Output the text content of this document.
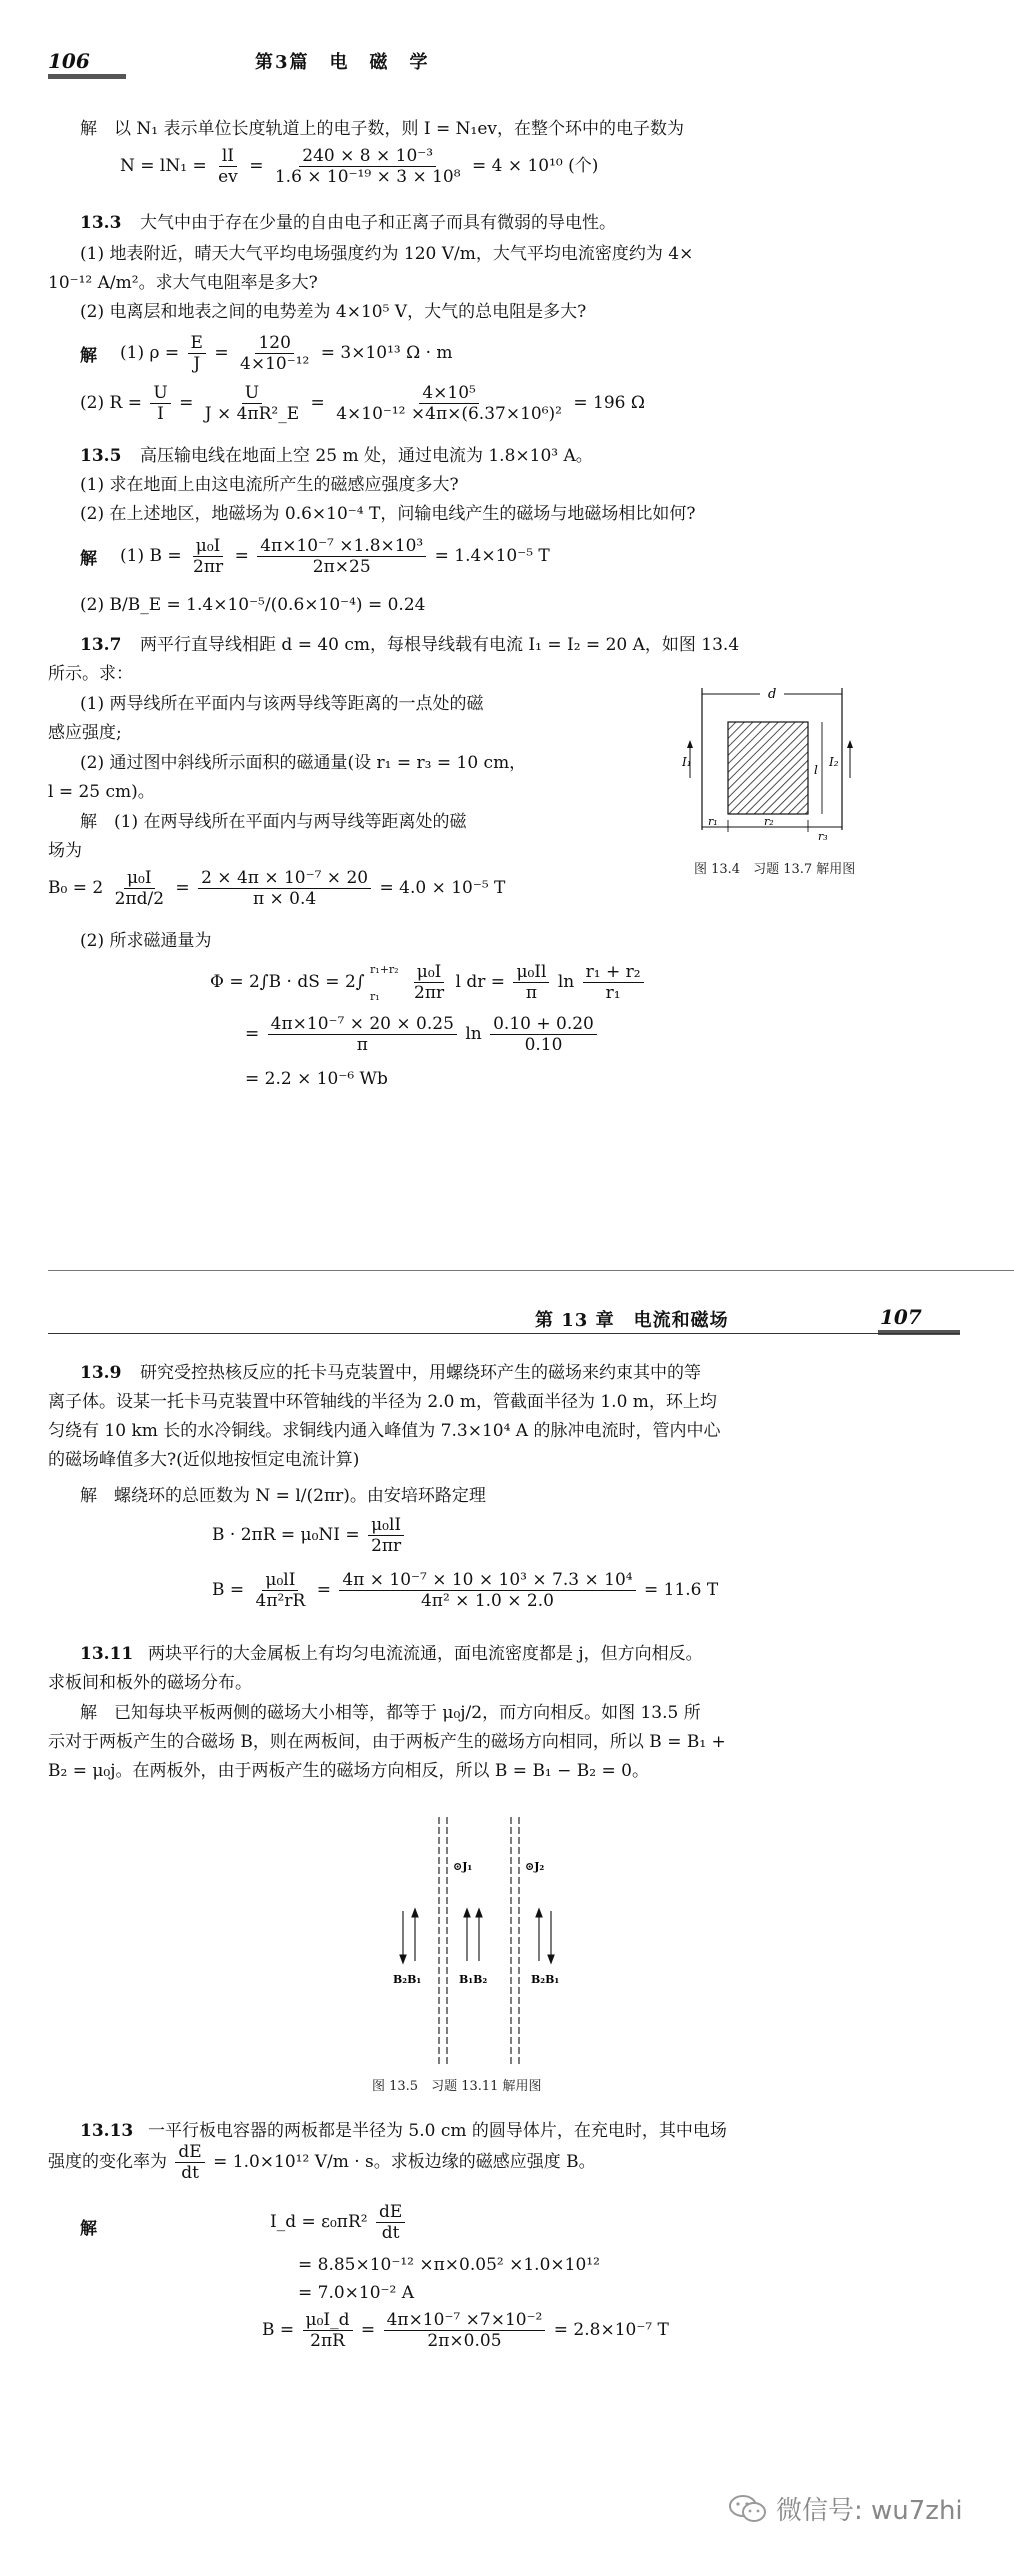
106	第3篇　电　磁　学
解　以 N₁ 表示单位长度轨道上的电子数，则 I = N₁ev，在整个环中的电子数为
$N = lN_1 = \frac{lI}{ev} = \frac{\text{240 × 8 × 10⁻³}}{\text{1.6 × 10⁻¹⁹ × 3 × 10⁸}} = 4 \times 10^{10}$ (个)
13.3 大气中由于存在少量的自由电子和正离子而具有微弱的导电性。
(1) 地表附近，晴天大气平均电场强度约为 120 V/m，大气平均电流密度约为 4×
10⁻¹² A/m²。求大气电阻率是多大?
(2) 电离层和地表之间的电势差为 4×10⁵ V，大气的总电阻是多大?
解 (1) $\rho = \frac{E}{J} = \frac{120}{\text{4×10⁻¹²}} = 3\times 10^{13}$ Ω · m
(2) $R = \frac{U}{I} = \frac{U}{\text{J × 4πR²\_E}} = \frac{\text{4×10⁵}}{\text{4×10⁻¹² ×4π×(6.37×10⁶)²}} = 196$ Ω
13.5 高压输电线在地面上空 25 m 处，通过电流为 1.8×10³ A。
(1) 求在地面上由这电流所产生的磁感应强度多大?
(2) 在上述地区，地磁场为 0.6×10⁻⁴ T，问输电线产生的磁场与地磁场相比如何?
解 (1) $B = \frac{\text{μ₀I}}{2\pi r} = \frac{\text{4π×10⁻⁷ ×1.8×10³}}{2\pi\times 25} = 1.4\times 10^{-5}$ T
(2) B/B_E = 1.4×10⁻⁵/(0.6×10⁻⁴) = 0.24
13.7 两平行直导线相距 d = 40 cm，每根导线载有电流 I₁ = I₂ = 20 A，如图 13.4
所示。求：
(1) 两导线所在平面内与该两导线等距离的一点处的磁
感应强度;
(2) 通过图中斜线所示面积的磁通量(设 r₁ = r₃ = 10 cm，
l = 25 cm)。
解　(1) 在两导线所在平面内与两导线等距离处的磁
场为
$B_0 = 2 \frac{\text{μ₀I}}{2\pi d/2} = \frac{\text{2 × 4π × 10⁻⁷ × 20}}{\pi \times 0.4} = 4.0 \times 10^{-5}$ T
(2) 所求磁通量为
Φ = 2∫B · dS = 2∫
r₁+r₂
r₁
	$\frac{\text{μ₀I}}{2\pi r}$ l dr = $\frac{\text{μ₀Il}}{\pi}$ $\ln \frac{\text{r₁ + r₂}}{\text{r₁}}$
= $\frac{\text{4π×10⁻⁷ × 20 × 0.25}}{\pi}$ $\ln \frac{0.10 + 0.20}{0.10}$
= 2.2 × 10⁻⁶ Wb
d
I₁	I₂
l
r₁	r₂
r₃
图 13.4　习题 13.7 解用图
第 13 章　电流和磁场	107
13.9 研究受控热核反应的托卡马克装置中，用螺绕环产生的磁场来约束其中的等
离子体。设某一托卡马克装置中环管轴线的半径为 2.0 m，管截面半径为 1.0 m，环上均
匀绕有 10 km 长的水冷铜线。求铜线内通入峰值为 7.3×10⁴ A 的脉冲电流时，管内中心
的磁场峰值多大?(近似地按恒定电流计算)
解　螺绕环的总匝数为 N = l/(2πr)。由安培环路定理
$B \cdot 2\pi R = \mu_0NI = \frac{\text{μ₀lI}}{2\pi r}$
$B = \frac{\text{μ₀lI}}{\text{4π²rR}} = \frac{\text{4π × 10⁻⁷ × 10 × 10³ × 7.3 × 10⁴}}{\text{4π² × 1.0 × 2.0}} = 11.6$ T
13.11 两块平行的大金属板上有均匀电流流通，面电流密度都是 j，但方向相反。
求板间和板外的磁场分布。
解　已知每块平板两侧的磁场大小相等，都等于 μ₀j/2，而方向相反。如图 13.5 所
示对于两板产生的合磁场 B，则在两板间，由于两板产生的磁场方向相同，所以 B = B₁ +
B₂ = μ₀j。在两板外，由于两板产生的磁场方向相反，所以 B = B₁ − B₂ = 0。
⊙J₁	⊙J₂
B₂B₁	B₁B₂	B₂B₁
图 13.5　习题 13.11 解用图
13.13 一平行板电容器的两板都是半径为 5.0 cm 的圆导体片，在充电时，其中电场
强度的变化率为 $\frac{dE}{dt} = 1.0\times 10^{12}$ V/m · s。求板边缘的磁感应强度 B。
解	I_d = $\varepsilon_0\pi R^2 \frac{dE}{dt}$
= 8.85×10⁻¹² ×π×0.05² ×1.0×10¹²
= 7.0×10⁻² A
$B = \frac{\text{μ₀I\_d}}{2\pi R} = \frac{\text{4π×10⁻⁷ ×7×10⁻²}}{2\pi\times 0.05} = 2.8\times 10^{-7}$ T
微信号: wu7zhi
